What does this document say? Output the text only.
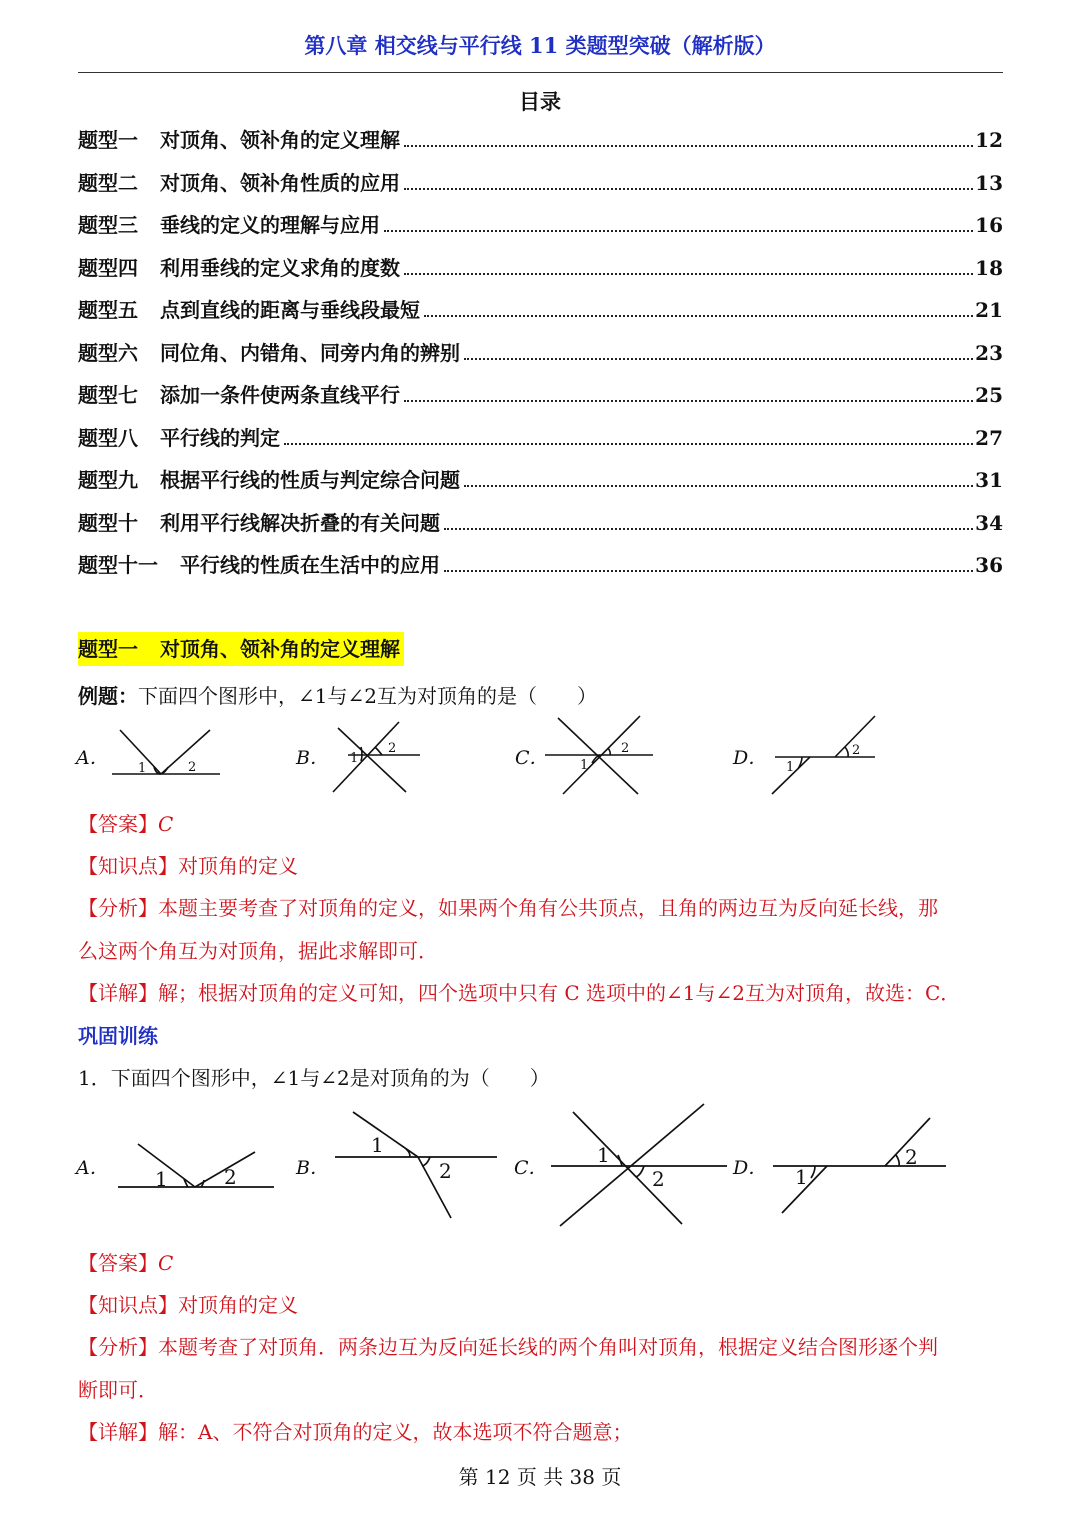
第八章 相交线与平行线 11 类题型突破（解析版）
目录
题型一 对顶角、领补角的定义理解	12
题型二 对顶角、领补角性质的应用	13
题型三 垂线的定义的理解与应用	16
题型四 利用垂线的定义求角的度数	18
题型五 点到直线的距离与垂线段最短	21
题型六 同位角、内错角、同旁内角的辨别	23
题型七 添加一条件使两条直线平行	25
题型八 平行线的判定	27
题型九 根据平行线的性质与判定综合问题	31
题型十 利用平行线解决折叠的有关问题	34
题型十一 平行线的性质在生活中的应用	36
题型一 对顶角、领补角的定义理解
例题：下面四个图形中，∠1与∠2互为对顶角的是（　　）
1	2
1
2
1
2
1
2
A．	B．	C．	D．
【答案】C
【知识点】对顶角的定义
【分析】本题主要考查了对顶角的定义，如果两个角有公共顶点，且角的两边互为反向延长线，那
么这两个角互为对顶角，据此求解即可．
【详解】解；根据对顶角的定义可知，四个选项中只有 C 选项中的∠1与∠2互为对顶角，故选：C．
巩固训练
1．下面四个图形中，∠1与∠2是对顶角的为（　　）
1	2
1
2
1
2	1
2
A．	B．	C．	D．
【答案】C
【知识点】对顶角的定义
【分析】本题考查了对顶角．两条边互为反向延长线的两个角叫对顶角，根据定义结合图形逐个判
断即可．
【详解】解：A、不符合对顶角的定义，故本选项不符合题意；
第 12 页 共 38 页
